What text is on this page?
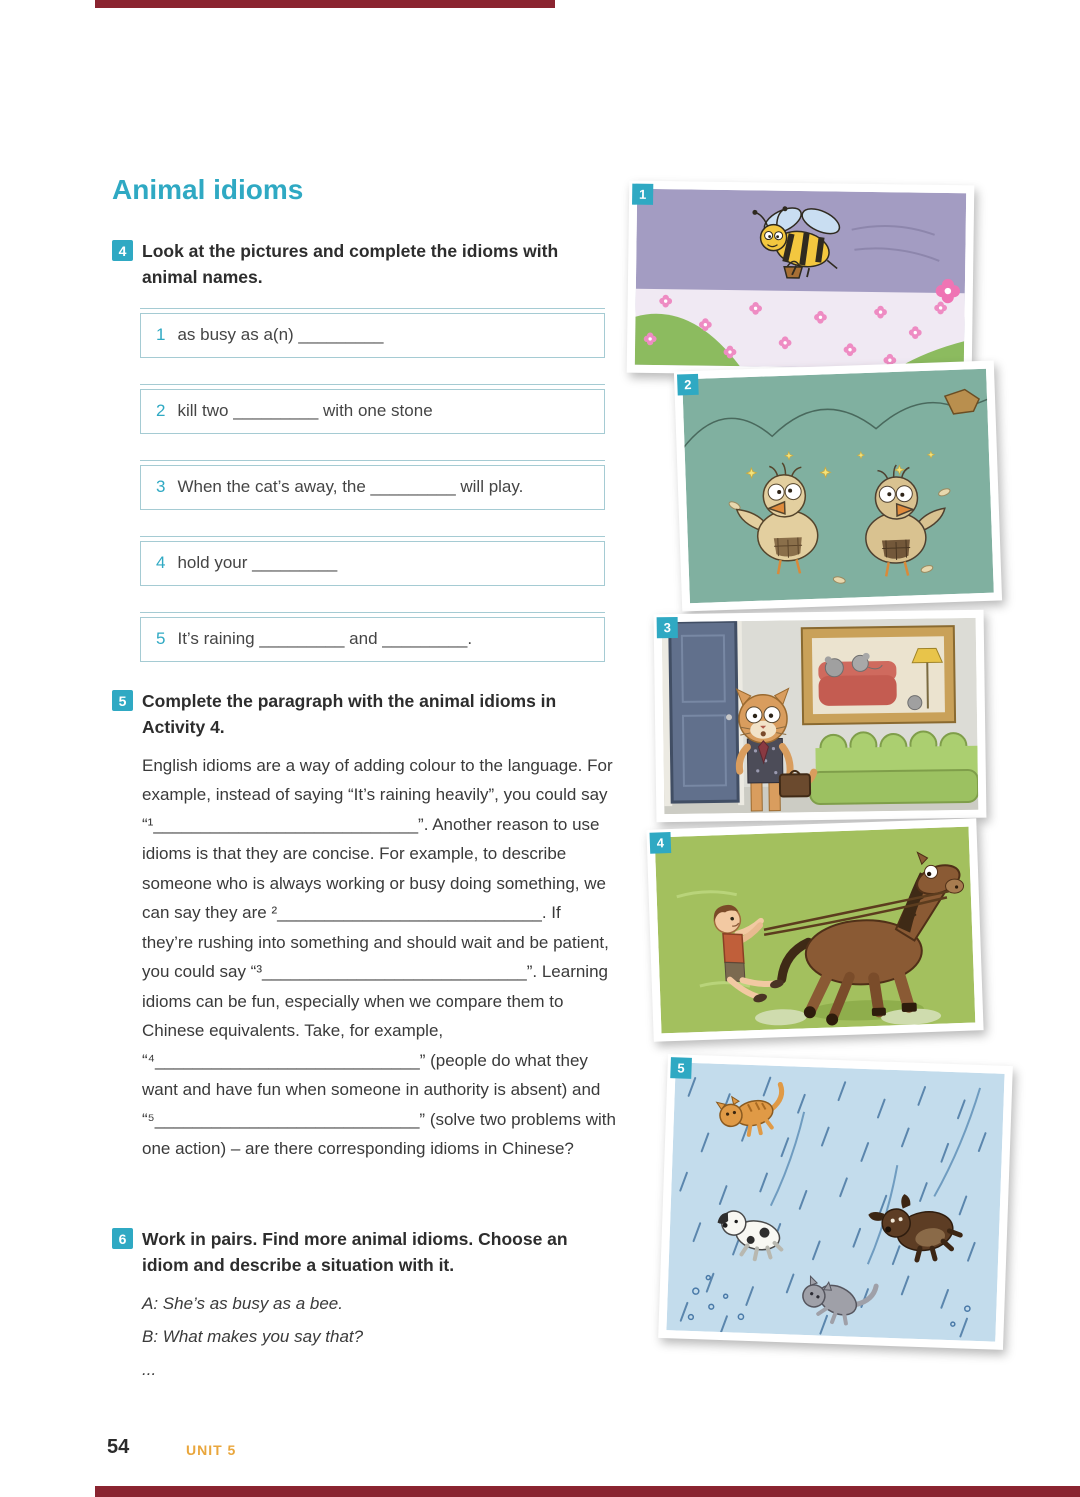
Animal idioms
4 Look at the pictures and complete the idioms with animal names.
1 as busy as a(n) _________
2 kill two _________ with one stone
3 When the cat’s away, the _________ will play.
4 hold your _________
5 It’s raining _________ and _________.
5 Complete the paragraph with the animal idioms in Activity 4.
English idioms are a way of adding colour to the language. For example, instead of saying “It’s raining heavily”, you could say “¹____________________________”. Another reason to use idioms is that they are concise. For example, to describe someone who is always working or busy doing something, we can say they are ²____________________________. If they’re rushing into something and should wait and be patient, you could say “³____________________________”. Learning idioms can be fun, especially when we compare them to Chinese equivalents. Take, for example, “⁴____________________________” (people do what they want and have fun when someone in authority is absent) and “⁵____________________________” (solve two problems with one action) – are there corresponding idioms in Chinese?
6 Work in pairs. Find more animal idioms. Choose an idiom and describe a situation with it.
A: She’s as busy as a bee.
B: What makes you say that?
...
1
2
3
4
5
54	UNIT 5
